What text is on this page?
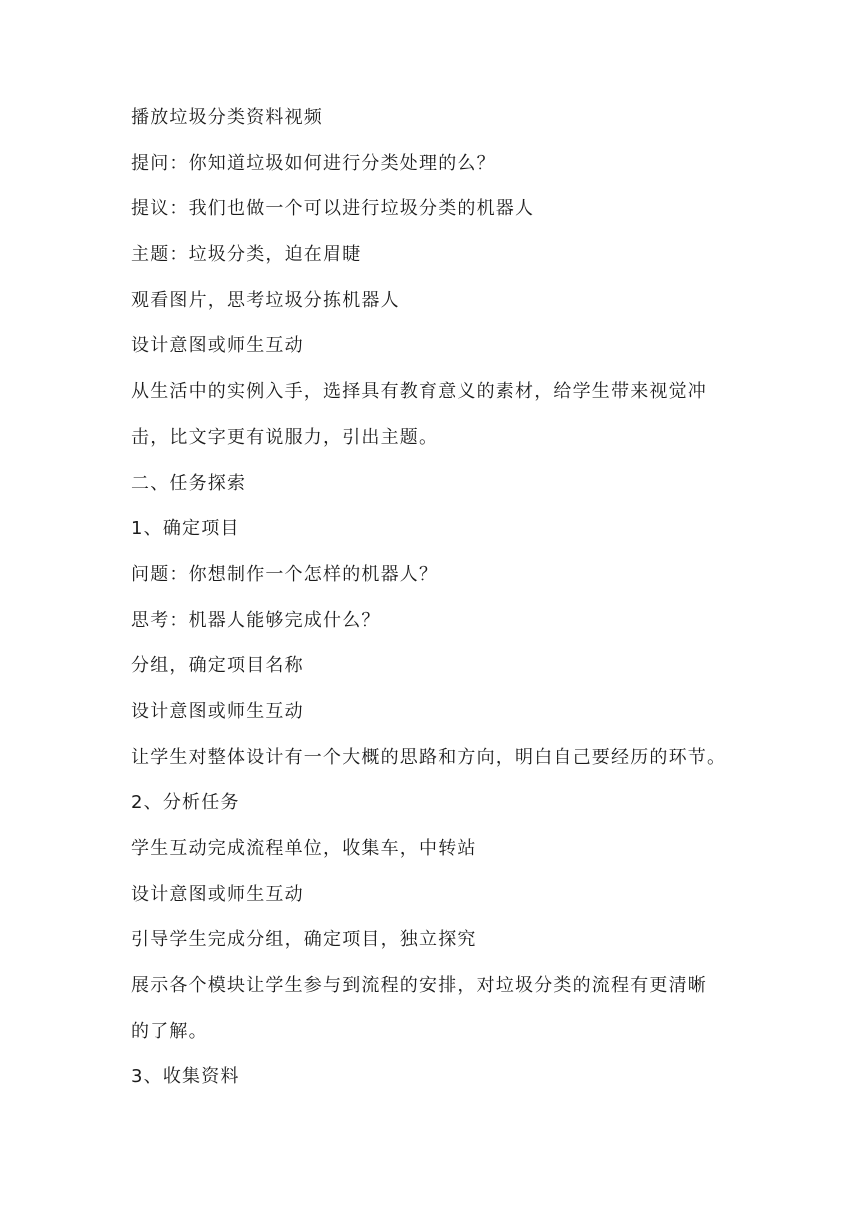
播放垃圾分类资料视频
提问：你知道垃圾如何进行分类处理的么？
提议：我们也做一个可以进行垃圾分类的机器人
主题：垃圾分类，迫在眉睫
观看图片，思考垃圾分拣机器人
设计意图或师生互动
从生活中的实例入手，选择具有教育意义的素材，给学生带来视觉冲
击，比文字更有说服力，引出主题。
二、任务探索
1、确定项目
问题：你想制作一个怎样的机器人？
思考：机器人能够完成什么？
分组，确定项目名称
设计意图或师生互动
让学生对整体设计有一个大概的思路和方向，明白自己要经历的环节。
2、分析任务
学生互动完成流程单位，收集车，中转站
设计意图或师生互动
引导学生完成分组，确定项目，独立探究
展示各个模块让学生参与到流程的安排，对垃圾分类的流程有更清晰
的了解。
3、收集资料
